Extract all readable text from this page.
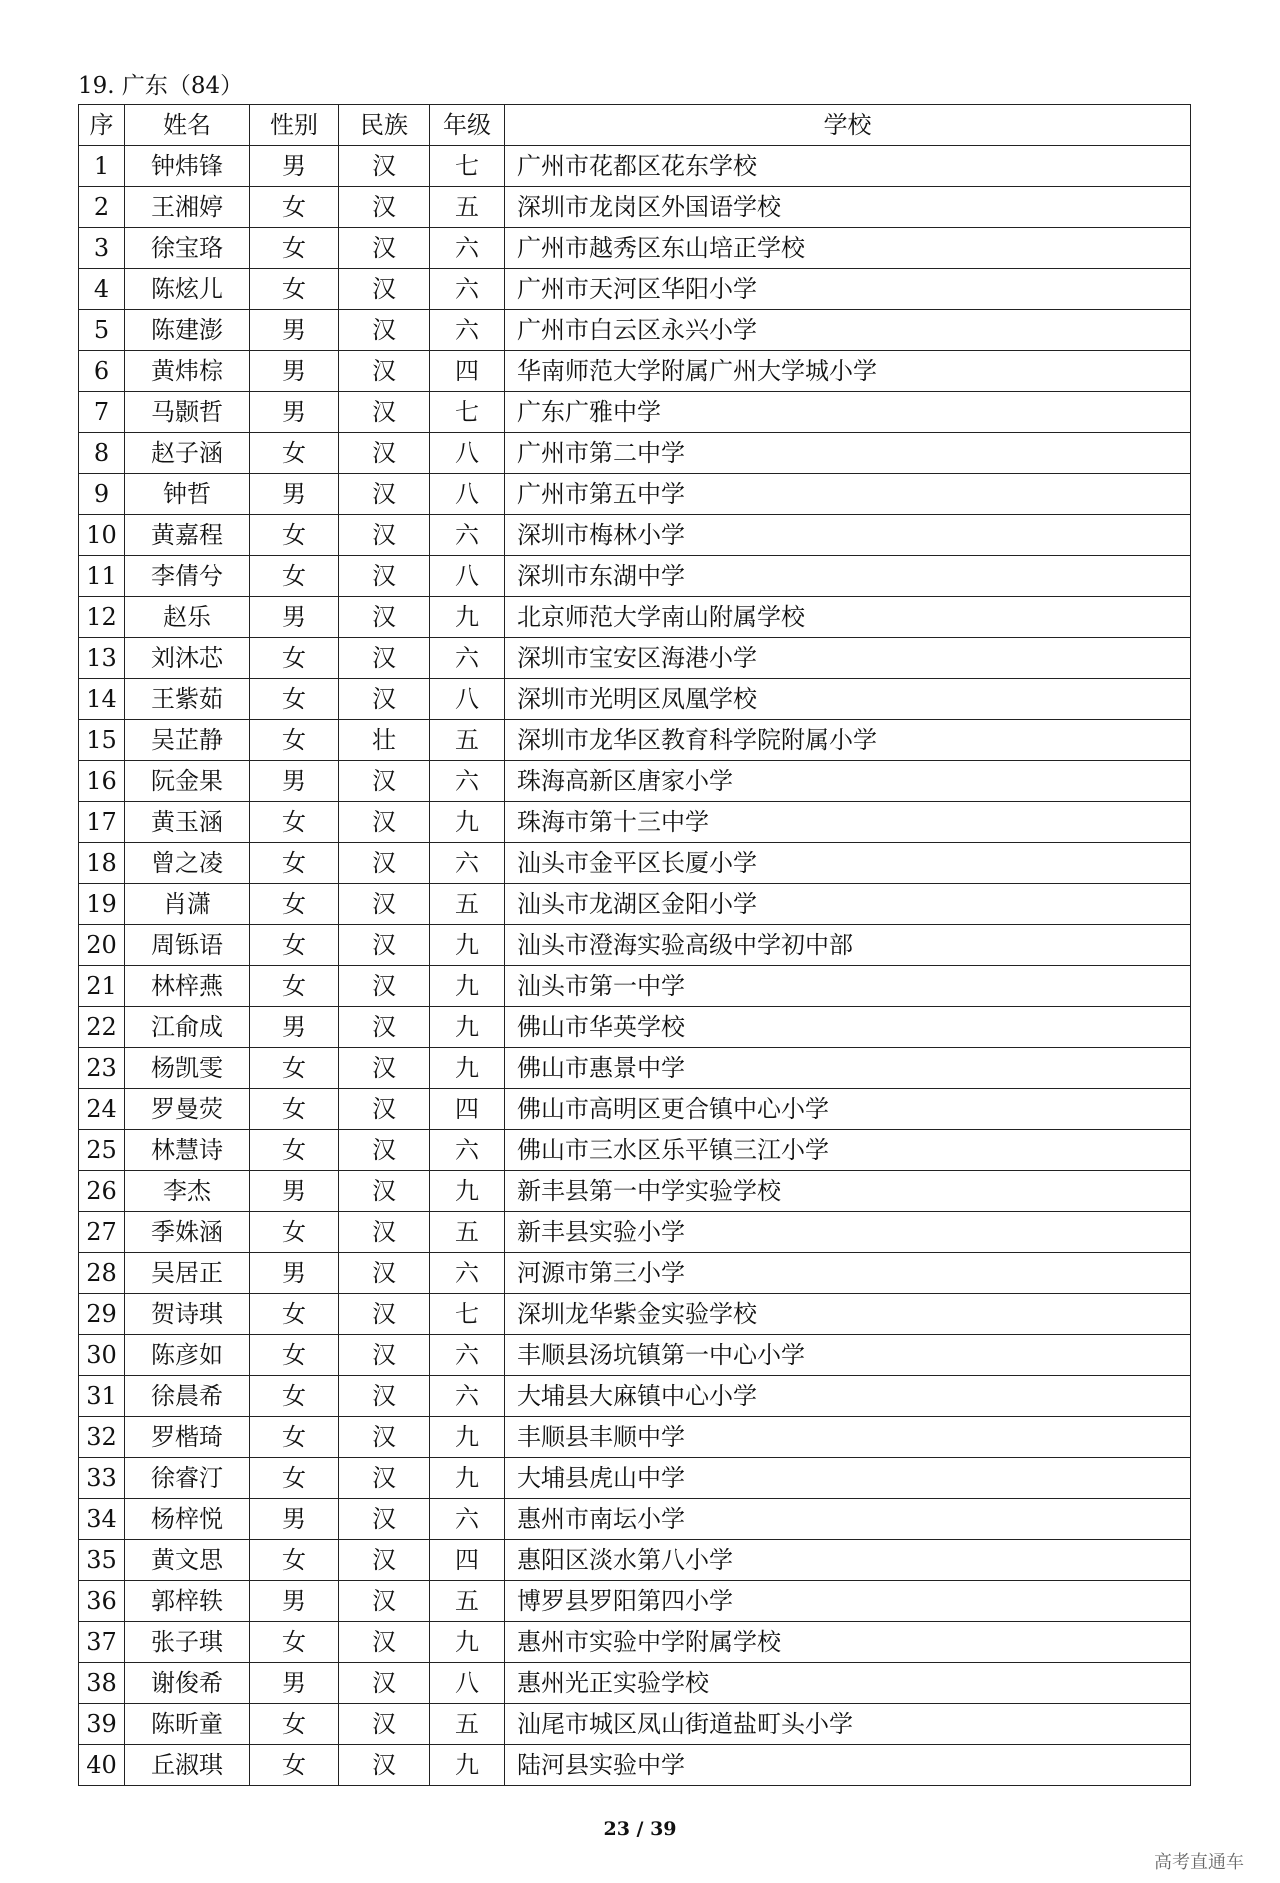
19. 广东（84）
序	姓名	性别	民族	年级	学校
1	钟炜锋	男	汉	七	广州市花都区花东学校
2	王湘婷	女	汉	五	深圳市龙岗区外国语学校
3	徐宝珞	女	汉	六	广州市越秀区东山培正学校
4	陈炫儿	女	汉	六	广州市天河区华阳小学
5	陈建澎	男	汉	六	广州市白云区永兴小学
6	黄炜棕	男	汉	四	华南师范大学附属广州大学城小学
7	马颢哲	男	汉	七	广东广雅中学
8	赵子涵	女	汉	八	广州市第二中学
9	钟哲	男	汉	八	广州市第五中学
10	黄嘉程	女	汉	六	深圳市梅林小学
11	李倩兮	女	汉	八	深圳市东湖中学
12	赵乐	男	汉	九	北京师范大学南山附属学校
13	刘沐芯	女	汉	六	深圳市宝安区海港小学
14	王紫茹	女	汉	八	深圳市光明区凤凰学校
15	吴芷静	女	壮	五	深圳市龙华区教育科学院附属小学
16	阮金果	男	汉	六	珠海高新区唐家小学
17	黄玉涵	女	汉	九	珠海市第十三中学
18	曾之凌	女	汉	六	汕头市金平区长厦小学
19	肖潇	女	汉	五	汕头市龙湖区金阳小学
20	周铄语	女	汉	九	汕头市澄海实验高级中学初中部
21	林梓燕	女	汉	九	汕头市第一中学
22	江俞成	男	汉	九	佛山市华英学校
23	杨凯雯	女	汉	九	佛山市惠景中学
24	罗曼荧	女	汉	四	佛山市高明区更合镇中心小学
25	林慧诗	女	汉	六	佛山市三水区乐平镇三江小学
26	李杰	男	汉	九	新丰县第一中学实验学校
27	季姝涵	女	汉	五	新丰县实验小学
28	吴居正	男	汉	六	河源市第三小学
29	贺诗琪	女	汉	七	深圳龙华紫金实验学校
30	陈彦如	女	汉	六	丰顺县汤坑镇第一中心小学
31	徐晨希	女	汉	六	大埔县大麻镇中心小学
32	罗楷琦	女	汉	九	丰顺县丰顺中学
33	徐睿汀	女	汉	九	大埔县虎山中学
34	杨梓悦	男	汉	六	惠州市南坛小学
35	黄文思	女	汉	四	惠阳区淡水第八小学
36	郭梓轶	男	汉	五	博罗县罗阳第四小学
37	张子琪	女	汉	九	惠州市实验中学附属学校
38	谢俊希	男	汉	八	惠州光正实验学校
39	陈昕童	女	汉	五	汕尾市城区凤山街道盐町头小学
40	丘淑琪	女	汉	九	陆河县实验中学
23 / 39
高考直通车
